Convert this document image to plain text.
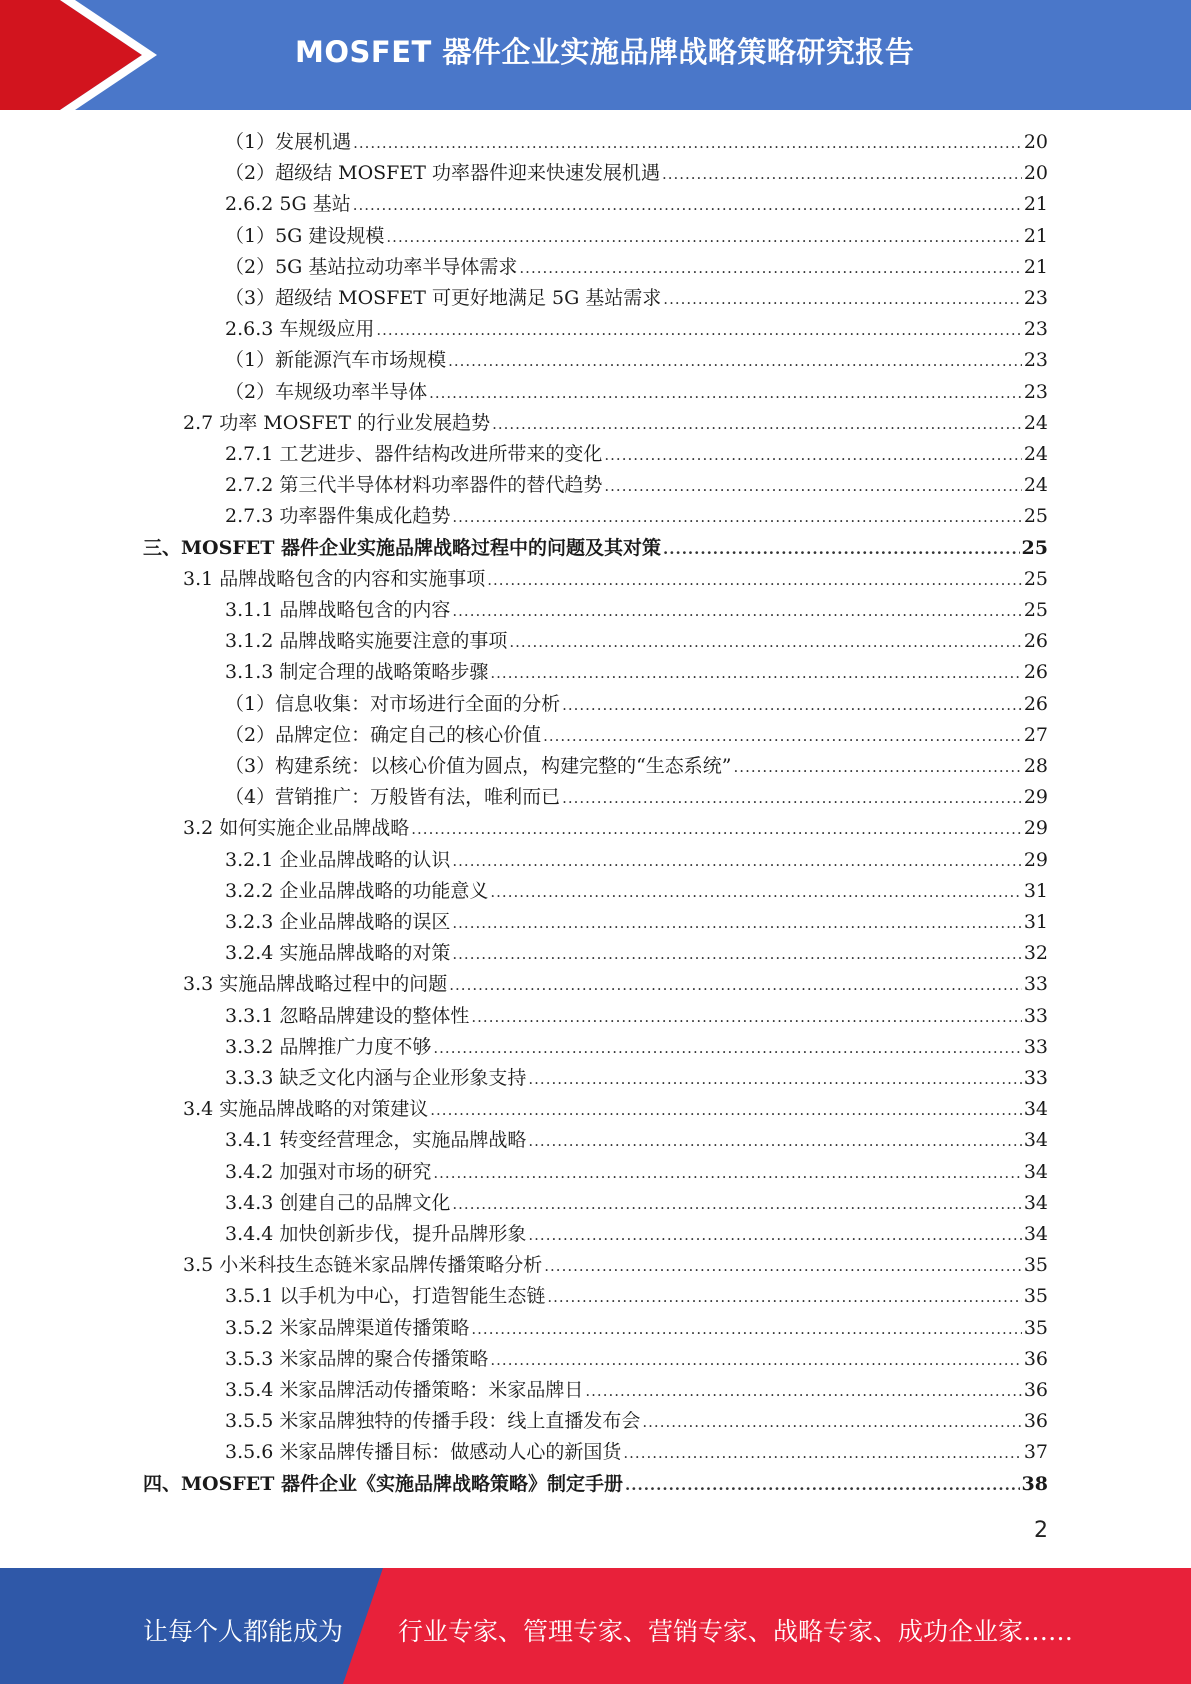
MOSFET 器件企业实施品牌战略策略研究报告
（1）发展机遇 .....	20
（2）超级结 MOSFET 功率器件迎来快速发展机遇 .....	20
2.6.2 5G 基站 .....	21
（1）5G 建设规模 .....	21
（2）5G 基站拉动功率半导体需求 .....	21
（3）超级结 MOSFET 可更好地满足 5G 基站需求 .....	23
2.6.3 车规级应用 .....	23
（1）新能源汽车市场规模 .....	23
（2）车规级功率半导体 .....	23
2.7 功率 MOSFET 的行业发展趋势 .....	24
2.7.1 工艺进步、器件结构改进所带来的变化 .....	24
2.7.2 第三代半导体材料功率器件的替代趋势 .....	24
2.7.3 功率器件集成化趋势 .....	25
三、MOSFET 器件企业实施品牌战略过程中的问题及其对策 .....	25
3.1 品牌战略包含的内容和实施事项 .....	25
3.1.1 品牌战略包含的内容 .....	25
3.1.2 品牌战略实施要注意的事项 .....	26
3.1.3 制定合理的战略策略步骤 .....	26
（1）信息收集：对市场进行全面的分析 .....	26
（2）品牌定位：确定自己的核心价值 .....	27
（3）构建系统：以核心价值为圆点，构建完整的“生态系统” .....	28
（4）营销推广：万般皆有法，唯利而已 .....	29
3.2 如何实施企业品牌战略 .....	29
3.2.1 企业品牌战略的认识 .....	29
3.2.2 企业品牌战略的功能意义 .....	31
3.2.3 企业品牌战略的误区 .....	31
3.2.4 实施品牌战略的对策 .....	32
3.3 实施品牌战略过程中的问题 .....	33
3.3.1 忽略品牌建设的整体性 .....	33
3.3.2 品牌推广力度不够 .....	33
3.3.3 缺乏文化内涵与企业形象支持 .....	33
3.4 实施品牌战略的对策建议 .....	34
3.4.1 转变经营理念，实施品牌战略 .....	34
3.4.2 加强对市场的研究 .....	34
3.4.3 创建自己的品牌文化 .....	34
3.4.4 加快创新步伐，提升品牌形象 .....	34
3.5 小米科技生态链米家品牌传播策略分析 .....	35
3.5.1 以手机为中心，打造智能生态链 .....	35
3.5.2 米家品牌渠道传播策略 .....	35
3.5.3 米家品牌的聚合传播策略 .....	36
3.5.4 米家品牌活动传播策略：米家品牌日 .....	36
3.5.5 米家品牌独特的传播手段：线上直播发布会 .....	36
3.5.6 米家品牌传播目标：做感动人心的新国货 .....	37
四、MOSFET 器件企业《实施品牌战略策略》制定手册 .....	38
2
让每个人都能成为 行业专家、管理专家、营销专家、战略专家、成功企业家……
